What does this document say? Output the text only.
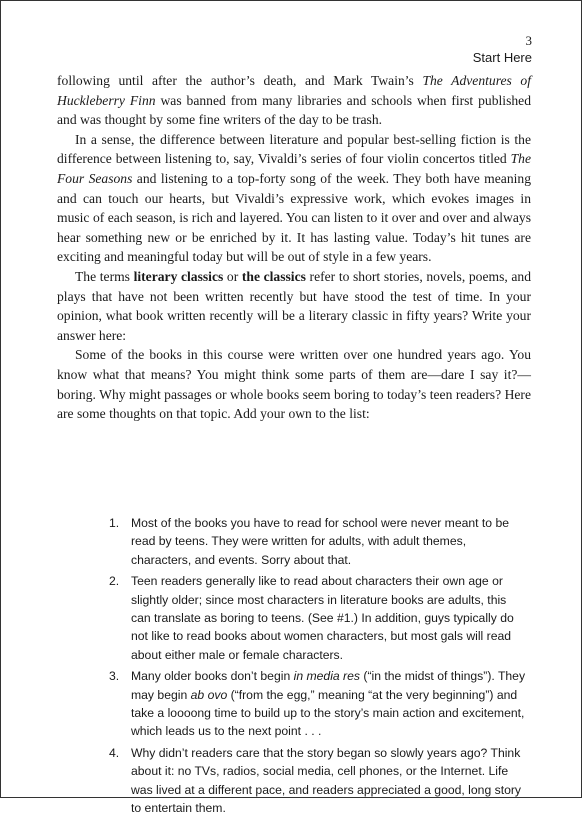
3
Start Here

following until after the author’s death, and Mark Twain’s The Adventures of Huckleberry Finn was banned from many libraries and schools when first published and was thought by some fine writers of the day to be trash.

In a sense, the difference between literature and popular best-selling fiction is the difference between listening to, say, Vivaldi’s series of four violin concertos titled The Four Seasons and listening to a top-forty song of the week. They both have meaning and can touch our hearts, but Vivaldi’s expressive work, which evokes images in music of each season, is rich and layered. You can listen to it over and over and always hear something new or be enriched by it. It has lasting value. Today’s hit tunes are exciting and meaningful today but will be out of style in a few years.

The terms literary classics or the classics refer to short stories, novels, poems, and plays that have not been written recently but have stood the test of time. In your opinion, what book written recently will be a literary classic in fifty years? Write your answer here:

Some of the books in this course were written over one hundred years ago. You know what that means? You might think some parts of them are—dare I say it?—boring. Why might passages or whole books seem boring to today’s teen readers? Here are some thoughts on that topic. Add your own to the list:

1. Most of the books you have to read for school were never meant to be read by teens. They were written for adults, with adult themes, characters, and events. Sorry about that.
2. Teen readers generally like to read about characters their own age or slightly older; since most characters in literature books are adults, this can translate as boring to teens. (See #1.) In addition, guys typically do not like to read books about women characters, but most gals will read about either male or female characters.
3. Many older books don’t begin in media res (“in the midst of things”). They may begin ab ovo (“from the egg,” meaning “at the very beginning”) and take a loooong time to build up to the story’s main action and excitement, which leads us to the next point . . .
4. Why didn’t readers care that the story began so slowly years ago? Think about it: no TVs, radios, social media, cell phones, or the Internet. Life was lived at a different pace, and readers appreciated a good, long story to entertain them.
